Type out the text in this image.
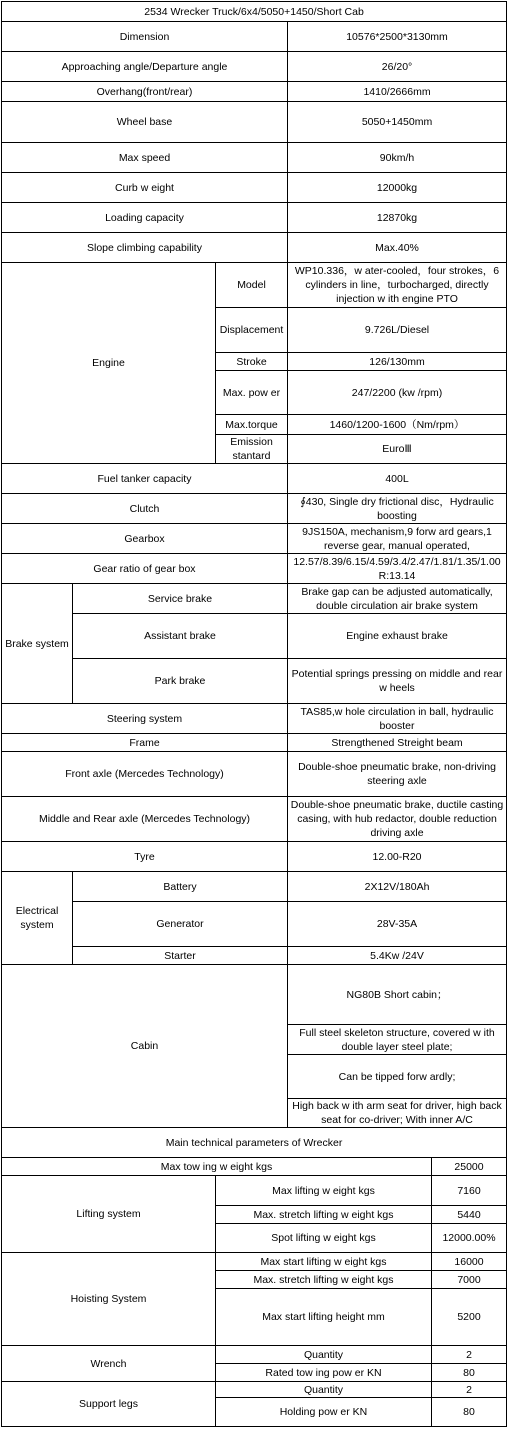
2534 Wrecker Truck/6x4/5050+1450/Short Cab				
Dimension			10576*2500*3130mm	
Approaching angle/Departure angle			26/20°	
Overhang(front/rear)			1410/2666mm	
Wheel base			5050+1450mm	
Max speed			90km/h	
Curb w eight			12000kg	
Loading capacity			12870kg	
Slope climbing capability			Max.40%	
Engine		Model	WP10.336，w ater-cooled，four strokes，6 cylinders in line，turbocharged, directly injection w ith engine PTO	
		Displacement	9.726L/Diesel	
		Stroke	126/130mm	
		Max. pow er	247/2200 (kw /rpm)	
		Max.torque	1460/1200-1600（Nm/rpm）	
		Emission stantard	EuroⅢ	
Fuel tanker capacity			400L	
Clutch			∮430, Single dry frictional disc，Hydraulic boosting	
Gearbox			9JS150A, mechanism,9 forw ard gears,1 reverse gear, manual operated,	
Gear ratio of gear box			12.57/8.39/6.15/4.59/3.4/2.47/1.81/1.35/1.00 R:13.14	
Brake system	Service brake		Brake gap can be adjusted automatically, double circulation air brake system	
	Assistant brake		Engine exhaust brake	
	Park brake		Potential springs pressing on middle and rear w heels	
Steering system			TAS85,w hole circulation in ball, hydraulic booster	
Frame			Strengthened Streight beam	
Front axle (Mercedes Technology)			Double-shoe pneumatic brake, non-driving steering axle	
Middle and Rear axle (Mercedes Technology)			Double-shoe pneumatic brake, ductile casting casing, with hub redactor, double reduction driving axle	
Tyre			12.00-R20	
Electrical system	Battery		2X12V/180Ah	
	Generator		28V-35A	
	Starter		5.4Kw /24V	
Cabin			NG80B Short cabin；	
			Full steel skeleton structure, covered w ith double layer steel plate;	
			Can be tipped forw ardly;	
			High back w ith arm seat for driver, high back seat for co-driver; With inner A/C	
Main technical parameters of Wrecker				
Max tow ing w eight kgs				25000
Lifting system		Max lifting w eight kgs		7160
		Max. stretch lifting w eight kgs		5440
		Spot lifting w eight kgs		12000.00%
Hoisting System		Max start lifting w eight kgs		16000
		Max. stretch lifting w eight kgs		7000
		Max start lifting height mm		5200
Wrench		Quantity		2
		Rated tow ing pow er KN		80
Support legs		Quantity		2
		Holding pow er KN		80
